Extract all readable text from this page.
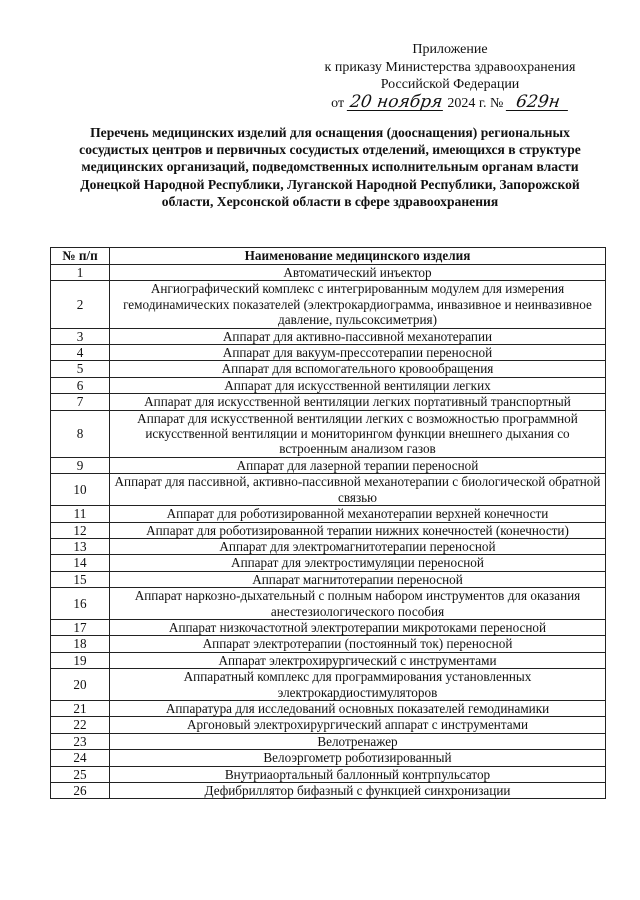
Приложение
к приказу Министерства здравоохранения
Российской Федерации
от 20 ноября 2024 г. № 629н
Перечень медицинских изделий для оснащения (дооснащения) региональных сосудистых центров и первичных сосудистых отделений, имеющихся в структуре медицинских организаций, подведомственных исполнительным органам власти Донецкой Народной Республики, Луганской Народной Республики, Запорожской области, Херсонской области в сфере здравоохранения
№ п/п	Наименование медицинского изделия
1	Автоматический инъектор
2	Ангиографический комплекс с интегрированным модулем для измерения гемодинамических показателей (электрокардиограмма, инвазивное и неинвазивное давление, пульсоксиметрия)
3	Аппарат для активно-пассивной механотерапии
4	Аппарат для вакуум-прессотерапии переносной
5	Аппарат для вспомогательного кровообращения
6	Аппарат для искусственной вентиляции легких
7	Аппарат для искусственной вентиляции легких портативный транспортный
8	Аппарат для искусственной вентиляции легких с возможностью программной искусственной вентиляции и мониторингом функции внешнего дыхания со встроенным анализом газов
9	Аппарат для лазерной терапии переносной
10	Аппарат для пассивной, активно-пассивной механотерапии с биологической обратной связью
11	Аппарат для роботизированной механотерапии верхней конечности
12	Аппарат для роботизированной терапии нижних конечностей (конечности)
13	Аппарат для электромагнитотерапии переносной
14	Аппарат для электростимуляции переносной
15	Аппарат магнитотерапии переносной
16	Аппарат наркозно-дыхательный с полным набором инструментов для оказания анестезиологического пособия
17	Аппарат низкочастотной электротерапии микротоками переносной
18	Аппарат электротерапии (постоянный ток) переносной
19	Аппарат электрохирургический с инструментами
20	Аппаратный комплекс для программирования установленных электрокардиостимуляторов
21	Аппаратура для исследований основных показателей гемодинамики
22	Аргоновый электрохирургический аппарат с инструментами
23	Велотренажер
24	Велоэргометр роботизированный
25	Внутриаортальный баллонный контрпульсатор
26	Дефибриллятор бифазный с функцией синхронизации
